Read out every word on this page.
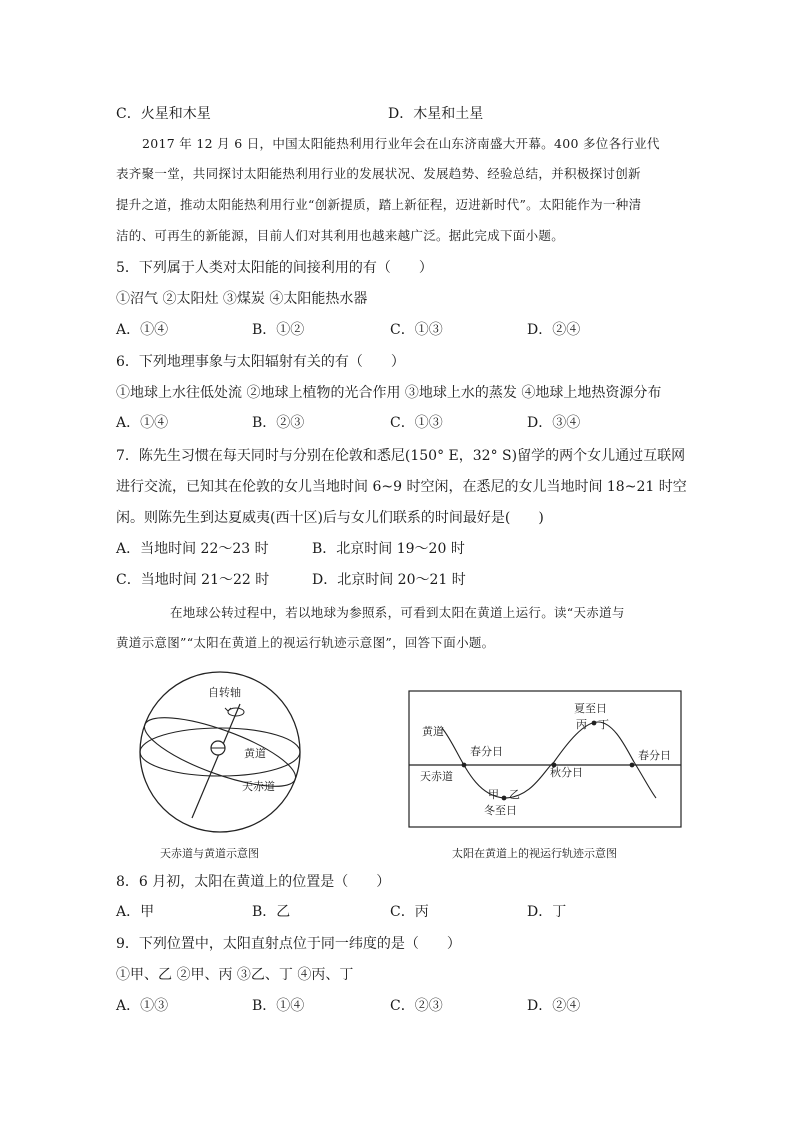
C．火星和木星	D．木星和土星
2017 年 12 月 6 日，中国太阳能热利用行业年会在山东济南盛大开幕。400 多位各行业代
表齐聚一堂，共同探讨太阳能热利用行业的发展状况、发展趋势、经验总结，并积极探讨创新
提升之道，推动太阳能热利用行业“创新提质，踏上新征程，迈进新时代”。太阳能作为一种清
洁的、可再生的新能源，目前人们对其利用也越来越广泛。据此完成下面小题。
5．下列属于人类对太阳能的间接利用的有（　　）
①沼气 ②太阳灶 ③煤炭 ④太阳能热水器
A．①④	B．①②	C．①③	D．②④
6．下列地理事象与太阳辐射有关的有（　　）
①地球上水往低处流 ②地球上植物的光合作用 ③地球上水的蒸发 ④地球上地热资源分布
A．①④	B．②③	C．①③	D．③④
7．陈先生习惯在每天同时与分别在伦敦和悉尼(150° E，32° S)留学的两个女儿通过互联网
进行交流，已知其在伦敦的女儿当地时间 6~9 时空闲，在悉尼的女儿当地时间 18~21 时空
闲。则陈先生到达夏威夷(西十区)后与女儿们联系的时间最好是(　　)
A．当地时间 22～23 时	B．北京时间 19～20 时
C．当地时间 21～22 时	D．北京时间 20～21 时
在地球公转过程中，若以地球为参照系，可看到太阳在黄道上运行。读“天赤道与
黄道示意图”“太阳在黄道上的视运行轨迹示意图”，回答下面小题。
自转轴
黄道
天赤道
天赤道与黄道示意图
黄道
春分日
天赤道	秋分日
春分日
夏至日
丙 丁
甲 乙
冬至日
太阳在黄道上的视运行轨迹示意图
8．6 月初，太阳在黄道上的位置是（　　）
A．甲	B．乙	C．丙	D．丁
9．下列位置中，太阳直射点位于同一纬度的是（　　）
①甲、乙 ②甲、丙 ③乙、丁 ④丙、丁
A．①③	B．①④	C．②③	D．②④
